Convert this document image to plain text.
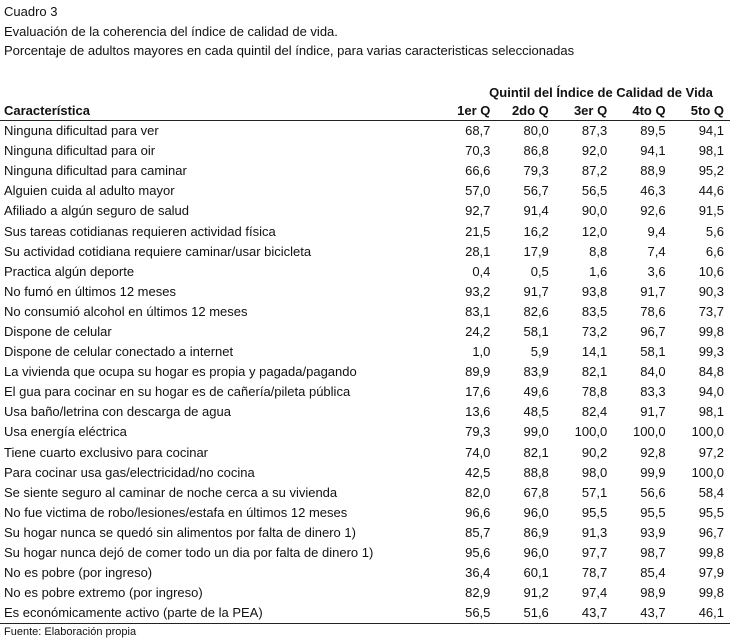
Cuadro 3
Evaluación de la coherencia del índice de calidad de vida.
Porcentaje de adultos mayores en cada quintil del índice, para varias caracteristicas seleccionadas
	Quintil del Índice de Calidad de Vida				
Característica	1er Q	2do Q	3er Q	4to Q	5to Q
Ninguna dificultad para ver	68,7	80,0	87,3	89,5	94,1
Ninguna dificultad para oir	70,3	86,8	92,0	94,1	98,1
Ninguna dificultad para caminar	66,6	79,3	87,2	88,9	95,2
Alguien cuida al adulto mayor	57,0	56,7	56,5	46,3	44,6
Afiliado a algún seguro de salud	92,7	91,4	90,0	92,6	91,5
Sus tareas cotidianas requieren actividad física	21,5	16,2	12,0	9,4	5,6
Su actividad cotidiana requiere caminar/usar bicicleta	28,1	17,9	8,8	7,4	6,6
Practica algún deporte	0,4	0,5	1,6	3,6	10,6
No fumó en últimos 12 meses	93,2	91,7	93,8	91,7	90,3
No consumió alcohol en últimos 12 meses	83,1	82,6	83,5	78,6	73,7
Dispone de celular	24,2	58,1	73,2	96,7	99,8
Dispone de celular conectado a internet	1,0	5,9	14,1	58,1	99,3
La vivienda que ocupa su hogar es propia y pagada/pagando	89,9	83,9	82,1	84,0	84,8
El gua para cocinar en su hogar es de cañería/pileta pública	17,6	49,6	78,8	83,3	94,0
Usa baño/letrina con descarga de agua	13,6	48,5	82,4	91,7	98,1
Usa energía eléctrica	79,3	99,0	100,0	100,0	100,0
Tiene cuarto exclusivo para cocinar	74,0	82,1	90,2	92,8	97,2
Para cocinar usa gas/electricidad/no cocina	42,5	88,8	98,0	99,9	100,0
Se siente seguro al caminar de noche cerca a su vivienda	82,0	67,8	57,1	56,6	58,4
No fue victima de robo/lesiones/estafa en últimos 12 meses	96,6	96,0	95,5	95,5	95,5
Su hogar nunca se quedó sin alimentos por falta de dinero 1)	85,7	86,9	91,3	93,9	96,7
Su hogar nunca dejó de comer todo un dia por falta de dinero 1)	95,6	96,0	97,7	98,7	99,8
No es pobre (por ingreso)	36,4	60,1	78,7	85,4	97,9
No es pobre extremo (por ingreso)	82,9	91,2	97,4	98,9	99,8
Es económicamente activo (parte de la PEA)	56,5	51,6	43,7	43,7	46,1
Fuente: Elaboración propia
